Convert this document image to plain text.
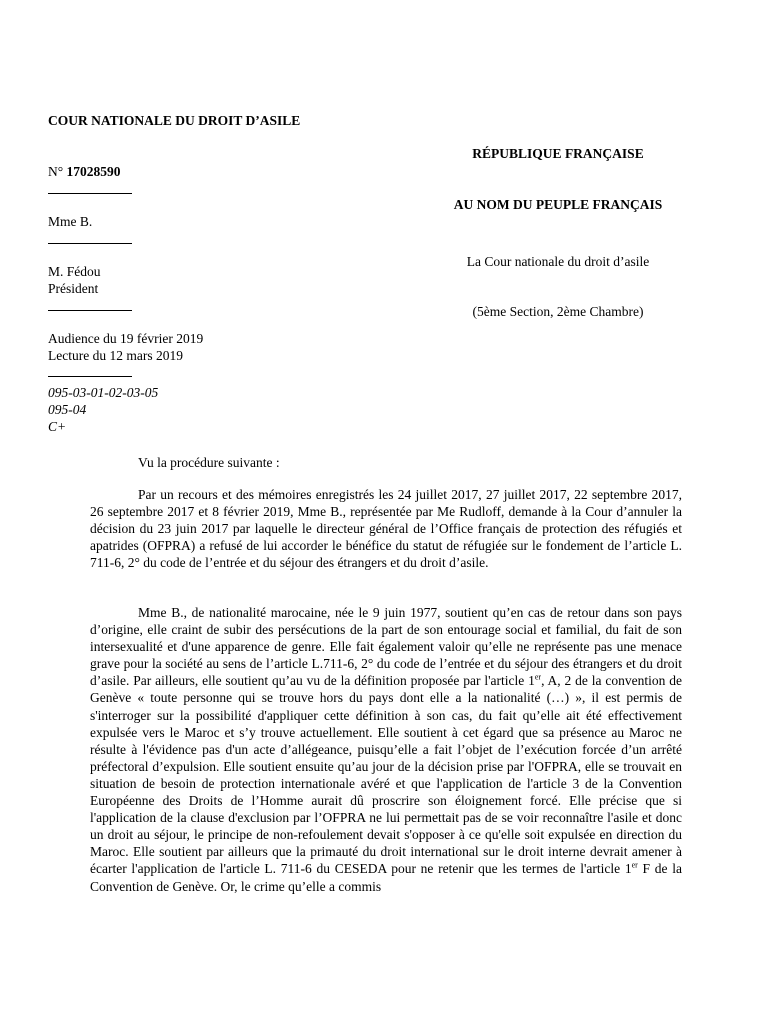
COUR NATIONALE DU DROIT D’ASILE
N° 17028590
Mme B.
M. Fédou
Président
Audience du 19 février 2019
Lecture du 12 mars 2019
095-03-01-02-03-05
095-04
C+
RÉPUBLIQUE FRANÇAISE
AU NOM DU PEUPLE FRANÇAIS
La Cour nationale du droit d’asile
(5ème Section, 2ème Chambre)
Vu la procédure suivante :

Par un recours et des mémoires enregistrés les 24 juillet 2017, 27 juillet 2017, 22 septembre 2017, 26 septembre 2017 et 8 février 2019, Mme B., représentée par Me Rudloff, demande à la Cour d’annuler la décision du 23 juin 2017 par laquelle le directeur général de l’Office français de protection des réfugiés et apatrides (OFPRA) a refusé de lui accorder le bénéfice du statut de réfugiée sur le fondement de l’article L. 711-6, 2° du code de l’entrée et du séjour des étrangers et du droit d’asile.

Mme B., de nationalité marocaine, née le 9 juin 1977, soutient qu’en cas de retour dans son pays d’origine, elle craint de subir des persécutions de la part de son entourage social et familial, du fait de son intersexualité et d'une apparence de genre. Elle fait également valoir qu’elle ne représente pas une menace grave pour la société au sens de l’article L.711-6, 2° du code de l’entrée et du séjour des étrangers et du droit d’asile. Par ailleurs, elle soutient qu’au vu de la définition proposée par l'article 1er, A, 2 de la convention de Genève « toute personne qui se trouve hors du pays dont elle a la nationalité (…) », il est permis de s'interroger sur la possibilité d'appliquer cette définition à son cas, du fait qu’elle ait été effectivement expulsée vers le Maroc et s’y trouve actuellement. Elle soutient à cet égard que sa présence au Maroc ne résulte à l'évidence pas d'un acte d’allégeance, puisqu’elle a fait l’objet de l’exécution forcée d’un arrêté préfectoral d’expulsion. Elle soutient ensuite qu’au jour de la décision prise par l'OFPRA, elle se trouvait en situation de besoin de protection internationale avéré et que l'application de l'article 3 de la Convention Européenne des Droits de l’Homme aurait dû proscrire son éloignement forcé. Elle précise que si l'application de la clause d'exclusion par l’OFPRA ne lui permettait pas de se voir reconnaître l'asile et donc un droit au séjour, le principe de non-refoulement devait s'opposer à ce qu'elle soit expulsée en direction du Maroc. Elle soutient par ailleurs que la primauté du droit international sur le droit interne devrait amener à écarter l'application de l'article L. 711-6 du CESEDA pour ne retenir que les termes de l'article 1er F de la Convention de Genève. Or, le crime qu’elle a commis
